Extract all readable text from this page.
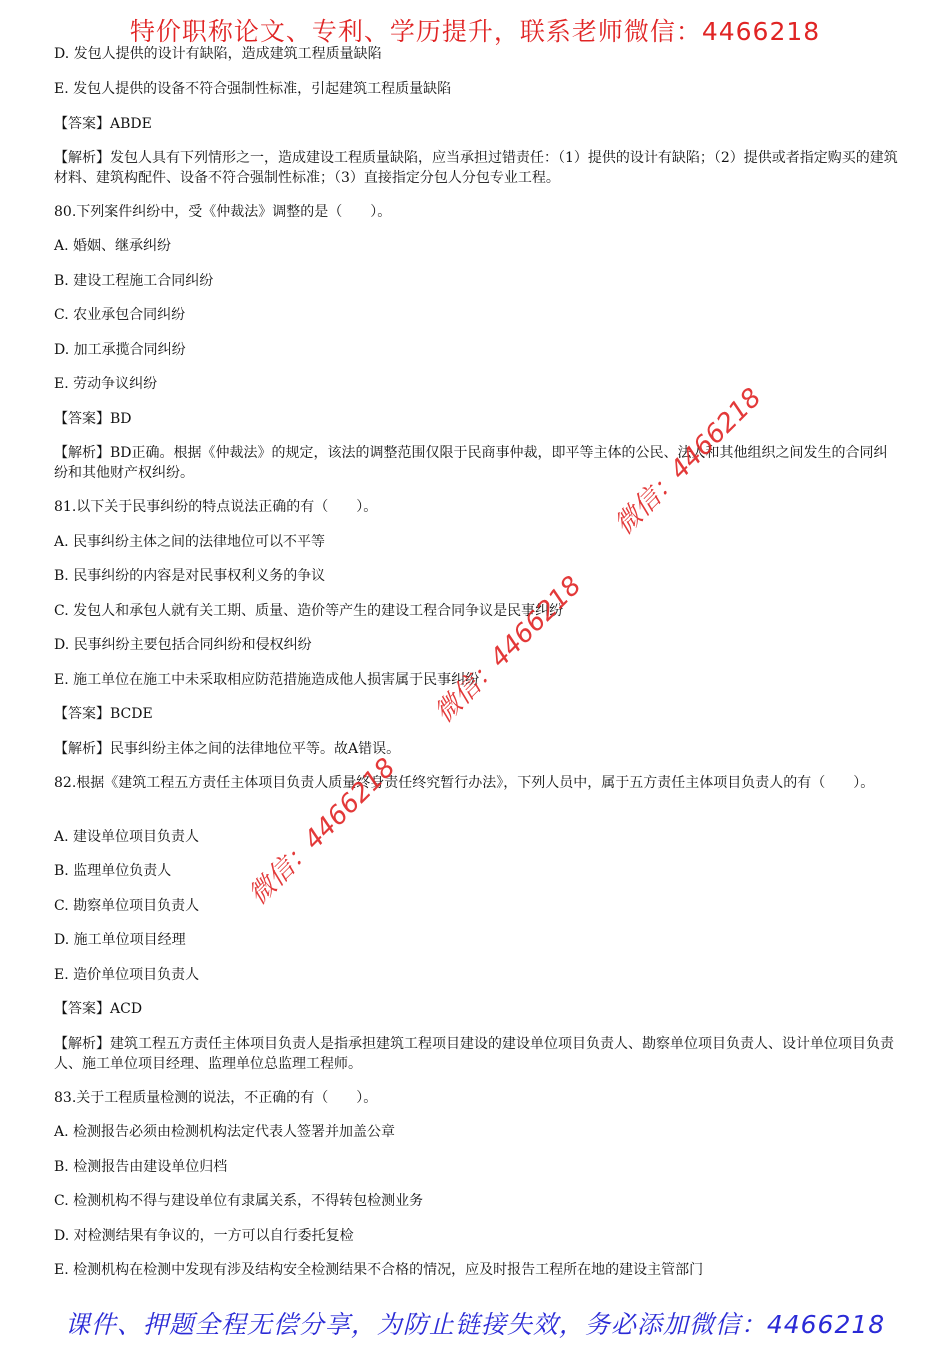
特价职称论文、专利、学历提升，联系老师微信：4466218
D. 发包人提供的设计有缺陷，造成建筑工程质量缺陷
E. 发包人提供的设备不符合强制性标准，引起建筑工程质量缺陷
【答案】ABDE
【解析】发包人具有下列情形之一，造成建设工程质量缺陷，应当承担过错责任：（1）提供的设计有缺陷；（2）提供或者指定购买的建筑材料、建筑构配件、设备不符合强制性标准；（3）直接指定分包人分包专业工程。
80.下列案件纠纷中，受《仲裁法》调整的是（　　）。
A. 婚姻、继承纠纷
B. 建设工程施工合同纠纷
C. 农业承包合同纠纷
D. 加工承揽合同纠纷
E. 劳动争议纠纷
【答案】BD
【解析】BD正确。根据《仲裁法》的规定，该法的调整范围仅限于民商事仲裁，即平等主体的公民、法人和其他组织之间发生的合同纠纷和其他财产权纠纷。
81.以下关于民事纠纷的特点说法正确的有（　　）。
A. 民事纠纷主体之间的法律地位可以不平等
B. 民事纠纷的内容是对民事权利义务的争议
C. 发包人和承包人就有关工期、质量、造价等产生的建设工程合同争议是民事纠纷
D. 民事纠纷主要包括合同纠纷和侵权纠纷
E. 施工单位在施工中未采取相应防范措施造成他人损害属于民事纠纷
【答案】BCDE
【解析】民事纠纷主体之间的法律地位平等。故A错误。
82.根据《建筑工程五方责任主体项目负责人质量终身责任终究暂行办法》，下列人员中，属于五方责任主体项目负责人的有（　　）。
A. 建设单位项目负责人
B. 监理单位负责人
C. 勘察单位项目负责人
D. 施工单位项目经理
E. 造价单位项目负责人
【答案】ACD
【解析】建筑工程五方责任主体项目负责人是指承担建筑工程项目建设的建设单位项目负责人、勘察单位项目负责人、设计单位项目负责人、施工单位项目经理、监理单位总监理工程师。
83.关于工程质量检测的说法，不正确的有（　　）。
A. 检测报告必须由检测机构法定代表人签署并加盖公章
B. 检测报告由建设单位归档
C. 检测机构不得与建设单位有隶属关系，不得转包检测业务
D. 对检测结果有争议的，一方可以自行委托复检
E. 检测机构在检测中发现有涉及结构安全检测结果不合格的情况，应及时报告工程所在地的建设主管部门
课件、押题全程无偿分享，为防止链接失效，务必添加微信：4466218
微信：4466218
微信：4466218
微信：4466218
